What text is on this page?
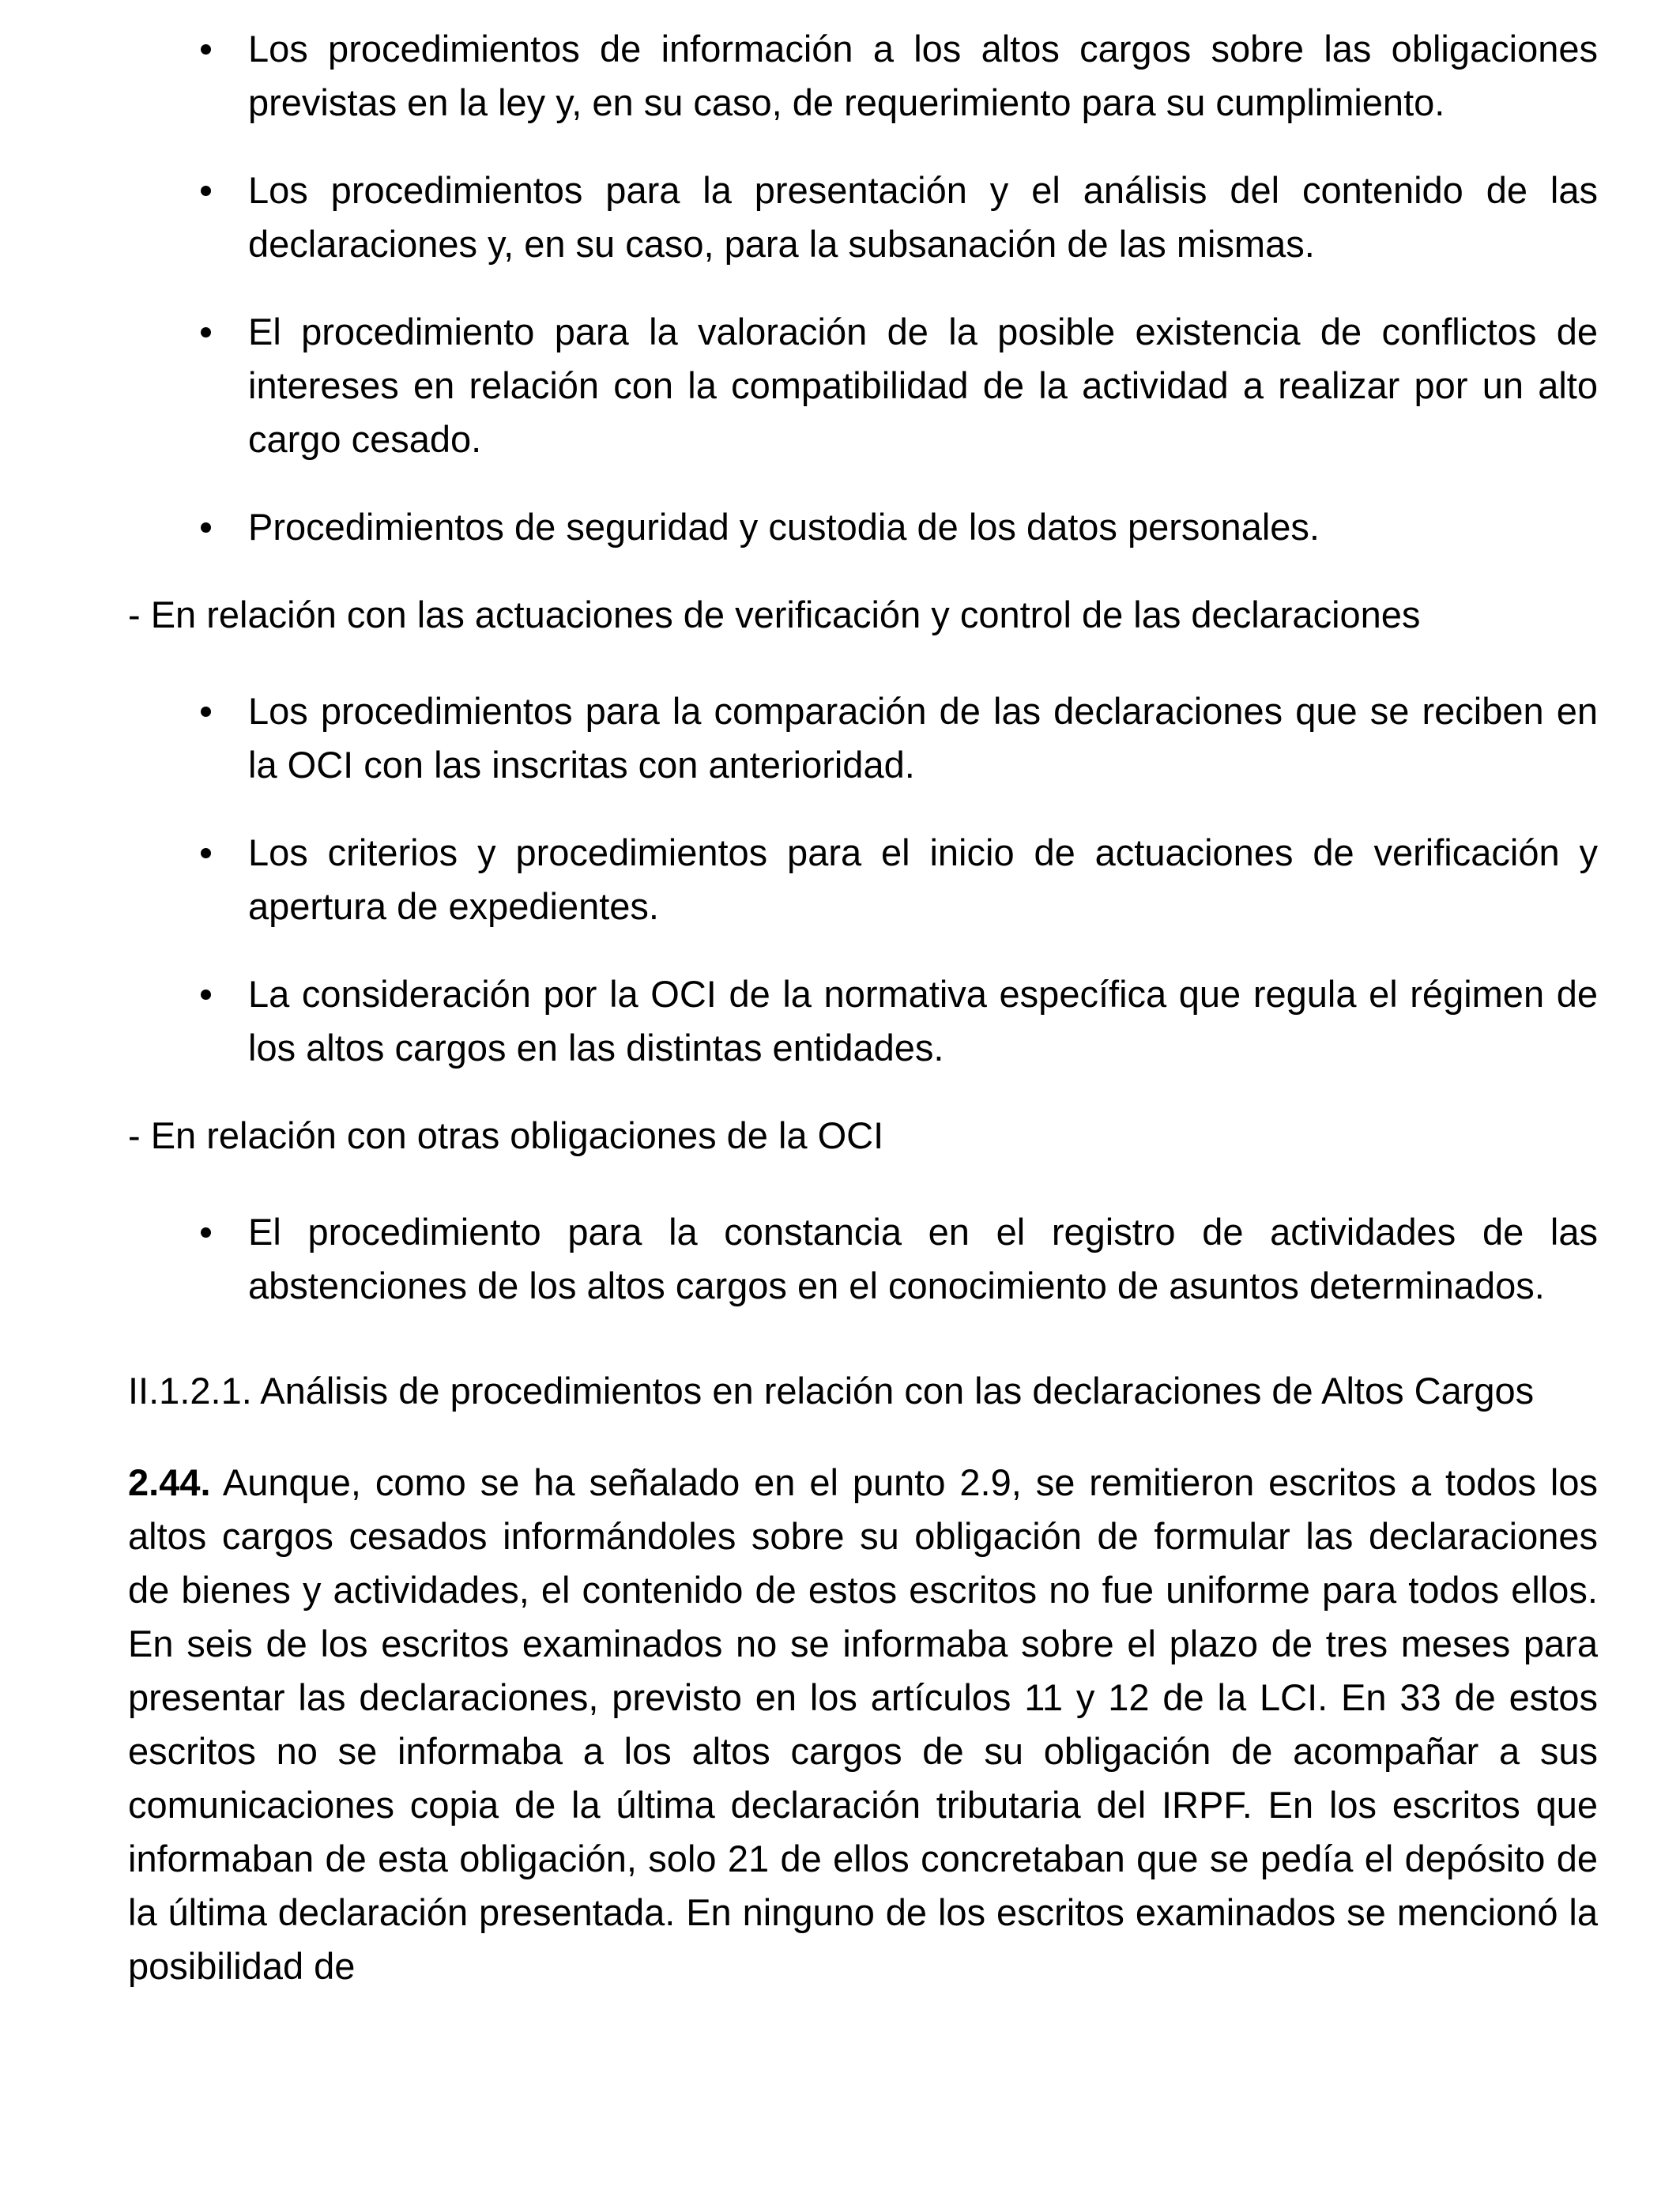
Los procedimientos de información a los altos cargos sobre las obligaciones previstas en la ley y, en su caso, de requerimiento para su cumplimiento.
Los procedimientos para la presentación y el análisis del contenido de las declaraciones y, en su caso, para la subsanación de las mismas.
El procedimiento para la valoración de la posible existencia de conflictos de intereses en relación con la compatibilidad de la actividad a realizar por un alto cargo cesado.
Procedimientos de seguridad y custodia de los datos personales.

- En relación con las actuaciones de verificación y control de las declaraciones

Los procedimientos para la comparación de las declaraciones que se reciben en la OCI con las inscritas con anterioridad.
Los criterios y procedimientos para el inicio de actuaciones de verificación y apertura de expedientes.
La consideración por la OCI de la normativa específica que regula el régimen de los altos cargos en las distintas entidades.

- En relación con otras obligaciones de la OCI

El procedimiento para la constancia en el registro de actividades de las abstenciones de los altos cargos en el conocimiento de asuntos determinados.

II.1.2.1. Análisis de procedimientos en relación con las declaraciones de Altos Cargos

2.44. Aunque, como se ha señalado en el punto 2.9, se remitieron escritos a todos los altos cargos cesados informándoles sobre su obligación de formular las declaraciones de bienes y actividades, el contenido de estos escritos no fue uniforme para todos ellos. En seis de los escritos examinados no se informaba sobre el plazo de tres meses para presentar las declaraciones, previsto en los artículos 11 y 12 de la LCI. En 33 de estos escritos no se informaba a los altos cargos de su obligación de acompañar a sus comunicaciones copia de la última declaración tributaria del IRPF. En los escritos que informaban de esta obligación, solo 21 de ellos concretaban que se pedía el depósito de la última declaración presentada. En ninguno de los escritos examinados se mencionó la posibilidad de
